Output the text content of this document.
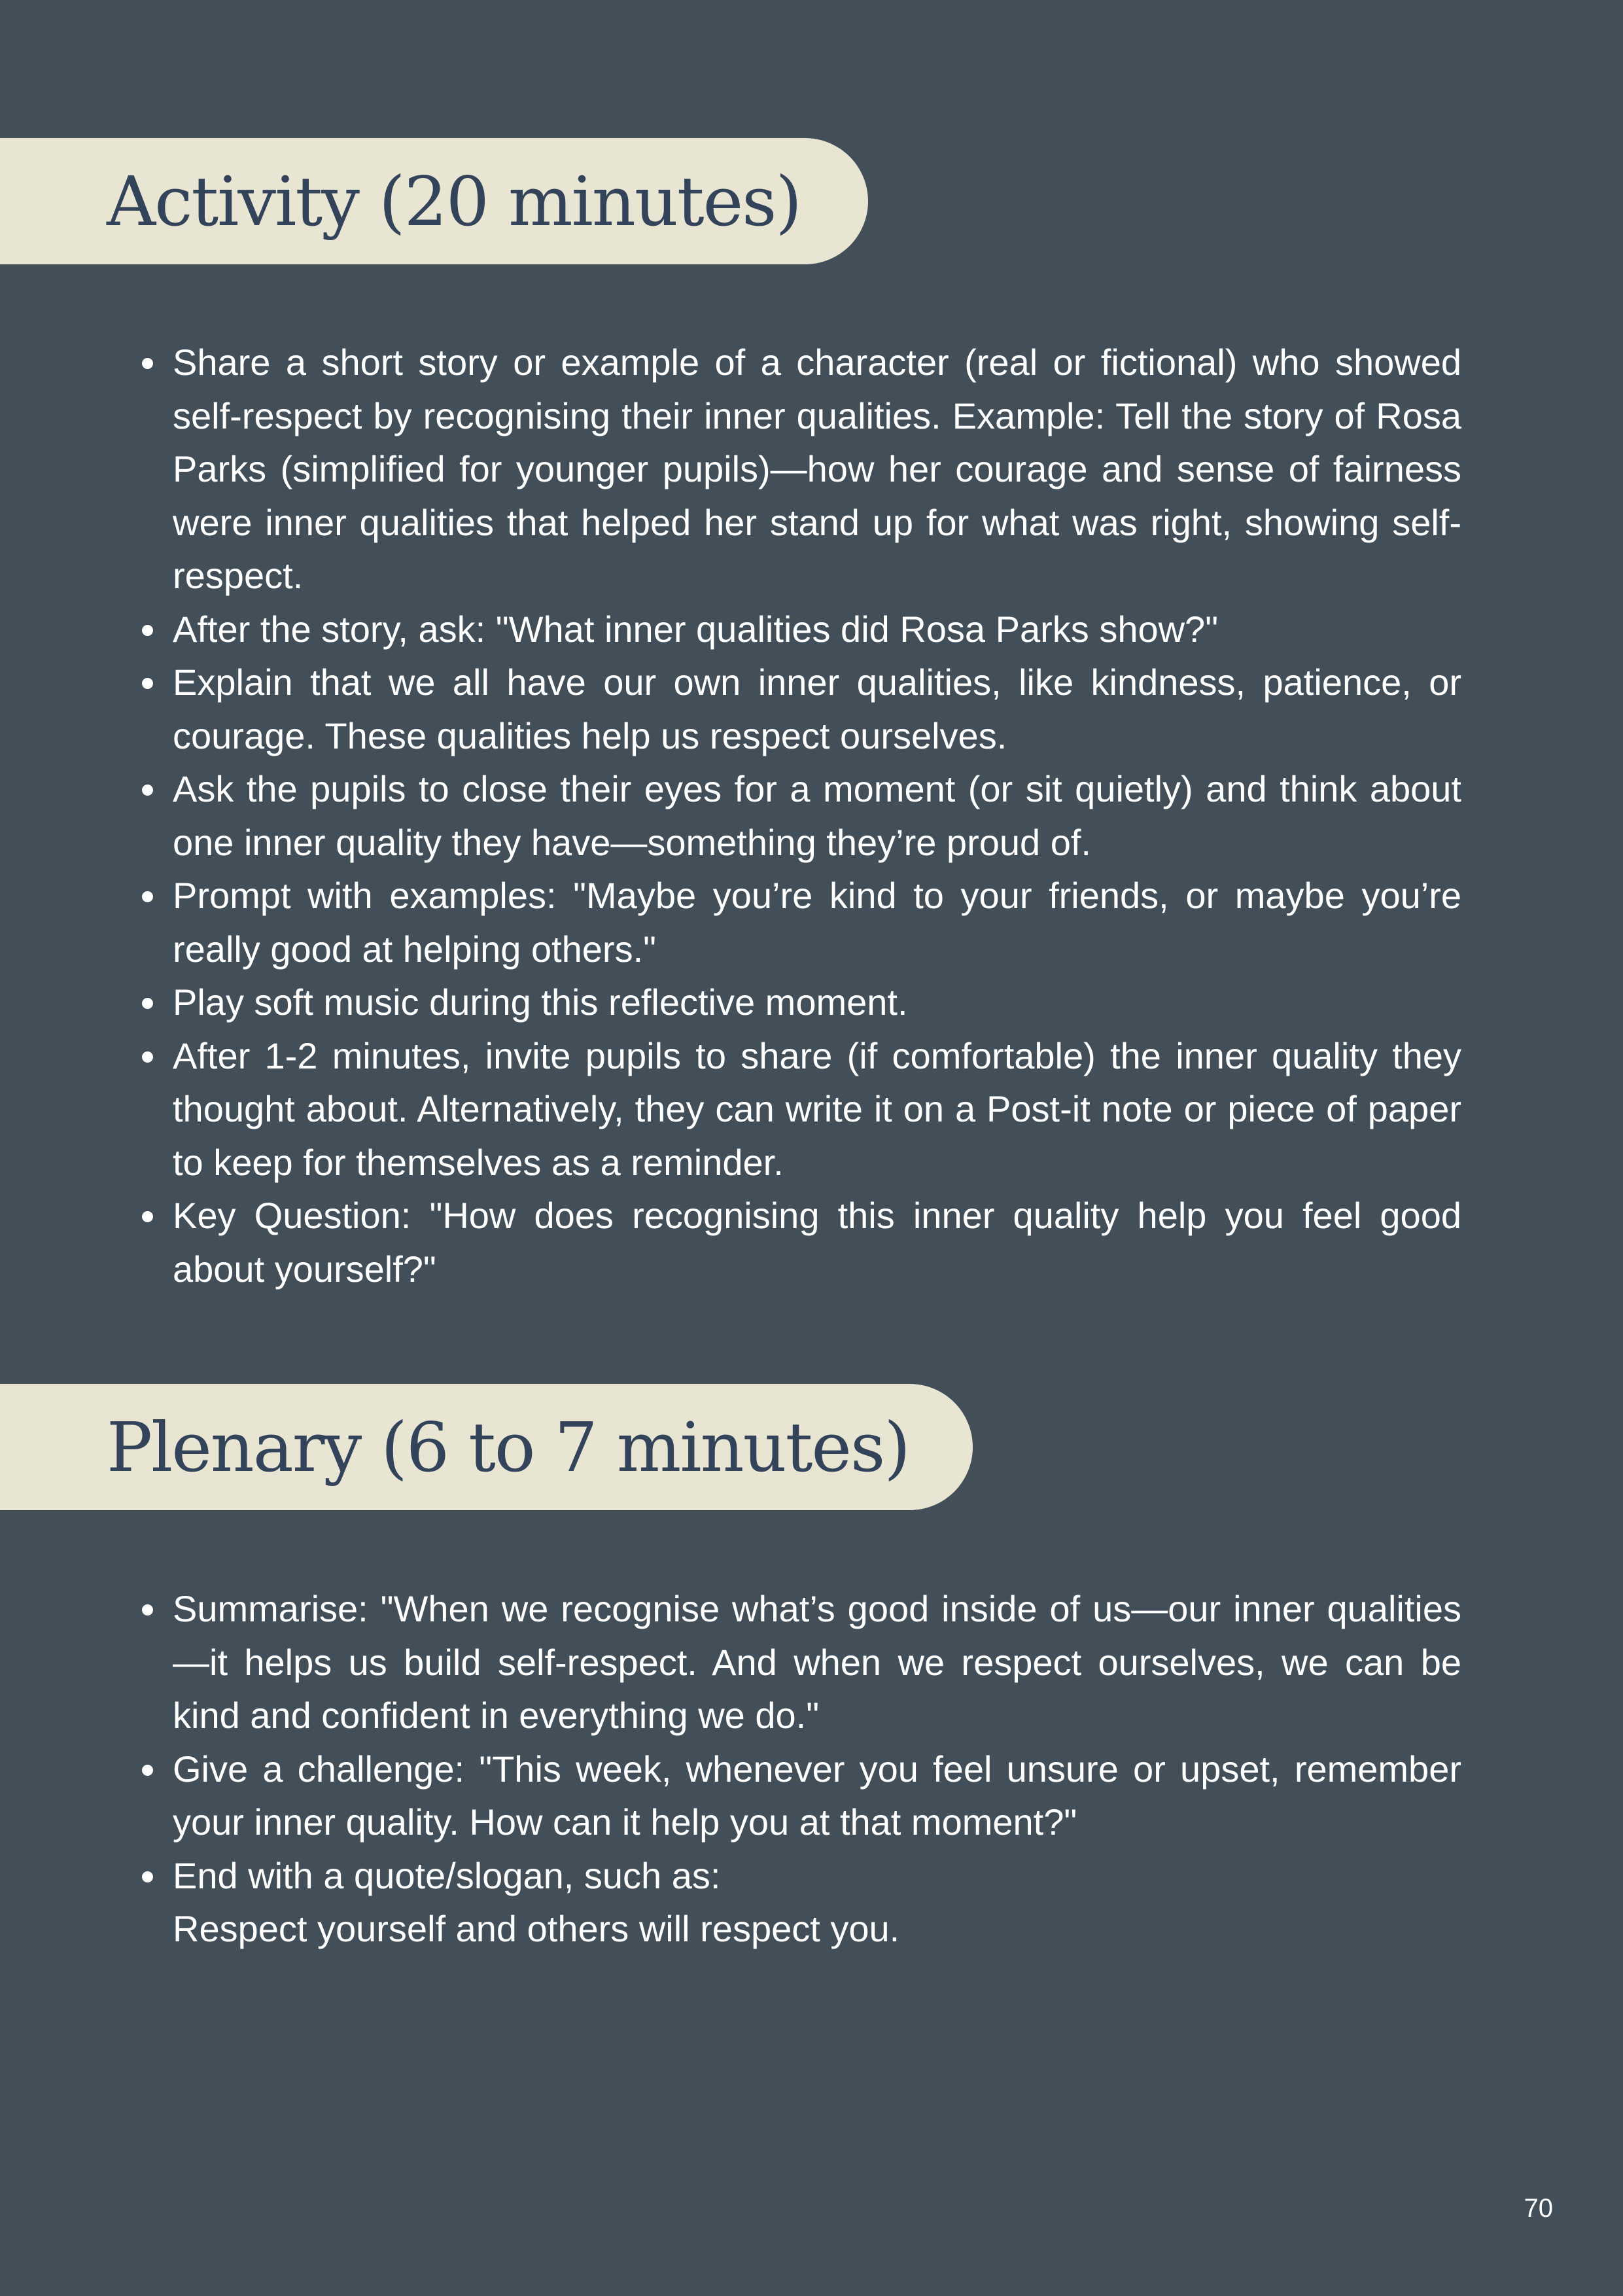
Activity (20 minutes)
Share a short story or example of a character (real or fictional) who showed self-respect by recognising their inner qualities. Example: Tell the story of Rosa Parks (simplified for younger pupils)—how her courage and sense of fairness were inner qualities that helped her stand up for what was right, showing self-respect.
After the story, ask: "What inner qualities did Rosa Parks show?"
Explain that we all have our own inner qualities, like kindness, patience, or courage. These qualities help us respect ourselves.
Ask the pupils to close their eyes for a moment (or sit quietly) and think about one inner quality they have—something they’re proud of.
Prompt with examples: "Maybe you’re kind to your friends, or maybe you’re really good at helping others."
Play soft music during this reflective moment.
After 1-2 minutes, invite pupils to share (if comfortable) the inner quality they thought about. Alternatively, they can write it on a Post-it note or piece of paper to keep for themselves as a reminder.
Key Question: "How does recognising this inner quality help you feel good about yourself?"
Plenary (6 to 7 minutes)
Summarise: "When we recognise what’s good inside of us—our inner qualities—it helps us build self-respect. And when we respect ourselves, we can be kind and confident in everything we do."
Give a challenge: "This week, whenever you feel unsure or upset, remember your inner quality. How can it help you at that moment?"
End with a quote/slogan, such as:
Respect yourself and others will respect you.
70
